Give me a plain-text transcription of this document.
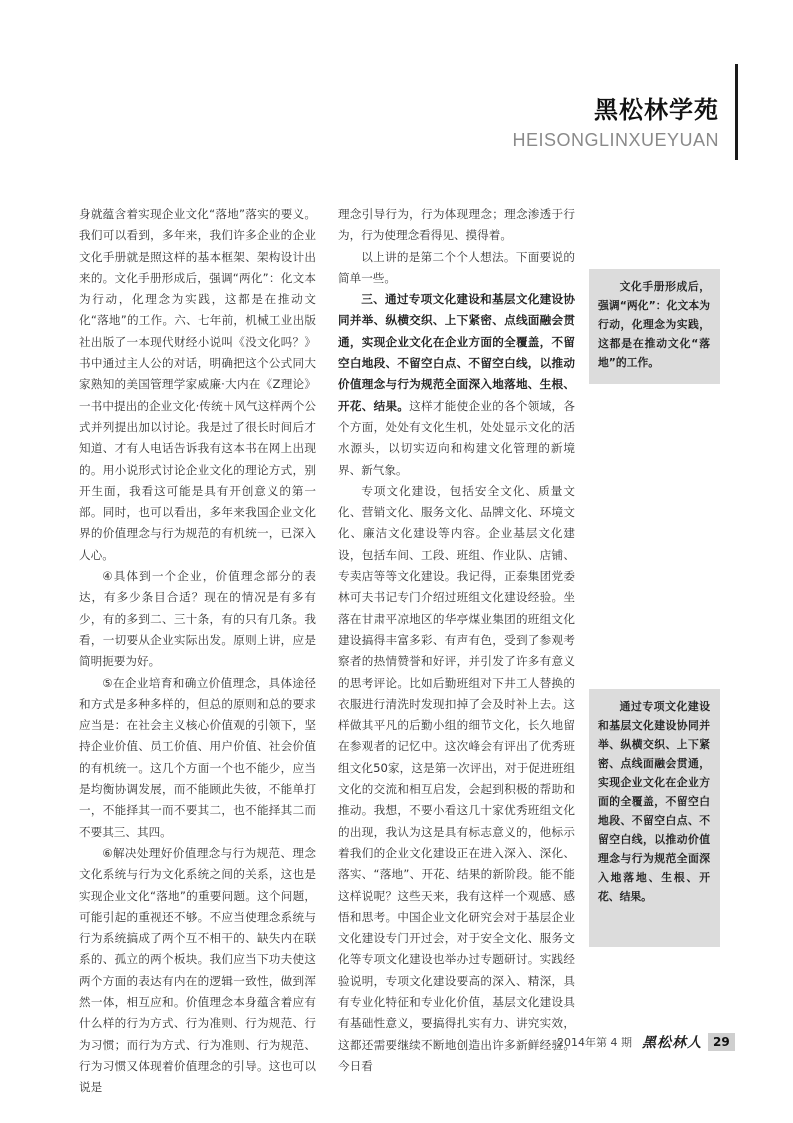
黑松林学苑
HEISONGLINXUEYUAN

身就蕴含着实现企业文化“落地”落实的要义。我们可以看到，多年来，我们许多企业的企业文化手册就是照这样的基本框架、架构设计出来的。文化手册形成后，强调“两化”：化文本为行动，化理念为实践，这都是在推动文化“落地”的工作。六、七年前，机械工业出版社出版了一本现代财经小说叫《没文化吗？》书中通过主人公的对话，明确把这个公式同大家熟知的美国管理学家威廉·大内在《Z理论》一书中提出的企业文化·传统＋风气这样两个公式并列提出加以讨论。我是过了很长时间后才知道、才有人电话告诉我有这本书在网上出现的。用小说形式讨论企业文化的理论方式，别开生面，我看这可能是具有开创意义的第一部。同时，也可以看出，多年来我国企业文化界的价值理念与行为规范的有机统一，已深入人心。

④具体到一个企业，价值理念部分的表达，有多少条目合适？现在的情况是有多有少，有的多到二、三十条，有的只有几条。我看，一切要从企业实际出发。原则上讲，应是简明扼要为好。

⑤在企业培育和确立价值理念，具体途径和方式是多种多样的，但总的原则和总的要求应当是：在社会主义核心价值观的引领下，坚持企业价值、员工价值、用户价值、社会价值的有机统一。这几个方面一个也不能少，应当是均衡协调发展，而不能顾此失彼，不能单打一，不能择其一而不要其二，也不能择其二而不要其三、其四。

⑥解决处理好价值理念与行为规范、理念文化系统与行为文化系统之间的关系，这也是实现企业文化“落地”的重要问题。这个问题，可能引起的重视还不够。不应当使理念系统与行为系统搞成了两个互不相干的、缺失内在联系的、孤立的两个板块。我们应当下功夫使这两个方面的表达有内在的逻辑一致性，做到浑然一体，相互应和。价值理念本身蕴含着应有什么样的行为方式、行为准则、行为规范、行为习惯；而行为方式、行为准则、行为规范、行为习惯又体现着价值理念的引导。这也可以说是

理念引导行为，行为体现理念；理念渗透于行为，行为使理念看得见、摸得着。

以上讲的是第二个个人想法。下面要说的简单一些。

三、通过专项文化建设和基层文化建设协同并举、纵横交织、上下紧密、点线面融会贯通，实现企业文化在企业方面的全覆盖，不留空白地段、不留空白点、不留空白线，以推动价值理念与行为规范全面深入地落地、生根、开花、结果。这样才能使企业的各个领域，各个方面，处处有文化生机，处处显示文化的活水源头，以切实迈向和构建文化管理的新境界、新气象。

专项文化建设，包括安全文化、质量文化、营销文化、服务文化、品牌文化、环境文化、廉洁文化建设等内容。企业基层文化建设，包括车间、工段、班组、作业队、店铺、专卖店等等文化建设。我记得，正泰集团党委林可夫书记专门介绍过班组文化建设经验。坐落在甘肃平凉地区的华亭煤业集团的班组文化建设搞得丰富多彩、有声有色，受到了参观考察者的热情赞誉和好评，并引发了许多有意义的思考评论。比如后勤班组对下井工人替换的衣服进行清洗时发现扣掉了会及时补上去。这样做其平凡的后勤小组的细节文化，长久地留在参观者的记忆中。这次峰会有评出了优秀班组文化50家，这是第一次评出，对于促进班组文化的交流和相互启发，会起到积极的帮助和推动。我想，不要小看这几十家优秀班组文化的出现，我认为这是具有标志意义的，他标示着我们的企业文化建设正在进入深入、深化、落实、“落地”、开花、结果的新阶段。能不能这样说呢？这些天来，我有这样一个观感、感悟和思考。中国企业文化研究会对于基层企业文化建设专门开过会，对于安全文化、服务文化等专项文化建设也举办过专题研讨。实践经验说明，专项文化建设要高的深入、精深，具有专业化特征和专业化价值，基层文化建设具有基础性意义，要搞得扎实有力、讲究实效，这都还需要继续不断地创造出许多新鲜经验。今日看

文化手册形成后，强调“两化”：化文本为行动，化理念为实践，这都是在推动文化“落地”的工作。
通过专项文化建设和基层文化建设协同并举、纵横交织、上下紧密、点线面融会贯通，实现企业文化在企业方面的全覆盖，不留空白地段、不留空白点、不留空白线，以推动价值理念与行为规范全面深入地落地、生根、开花、结果。
2014年第 4 期 黑松林人 29
